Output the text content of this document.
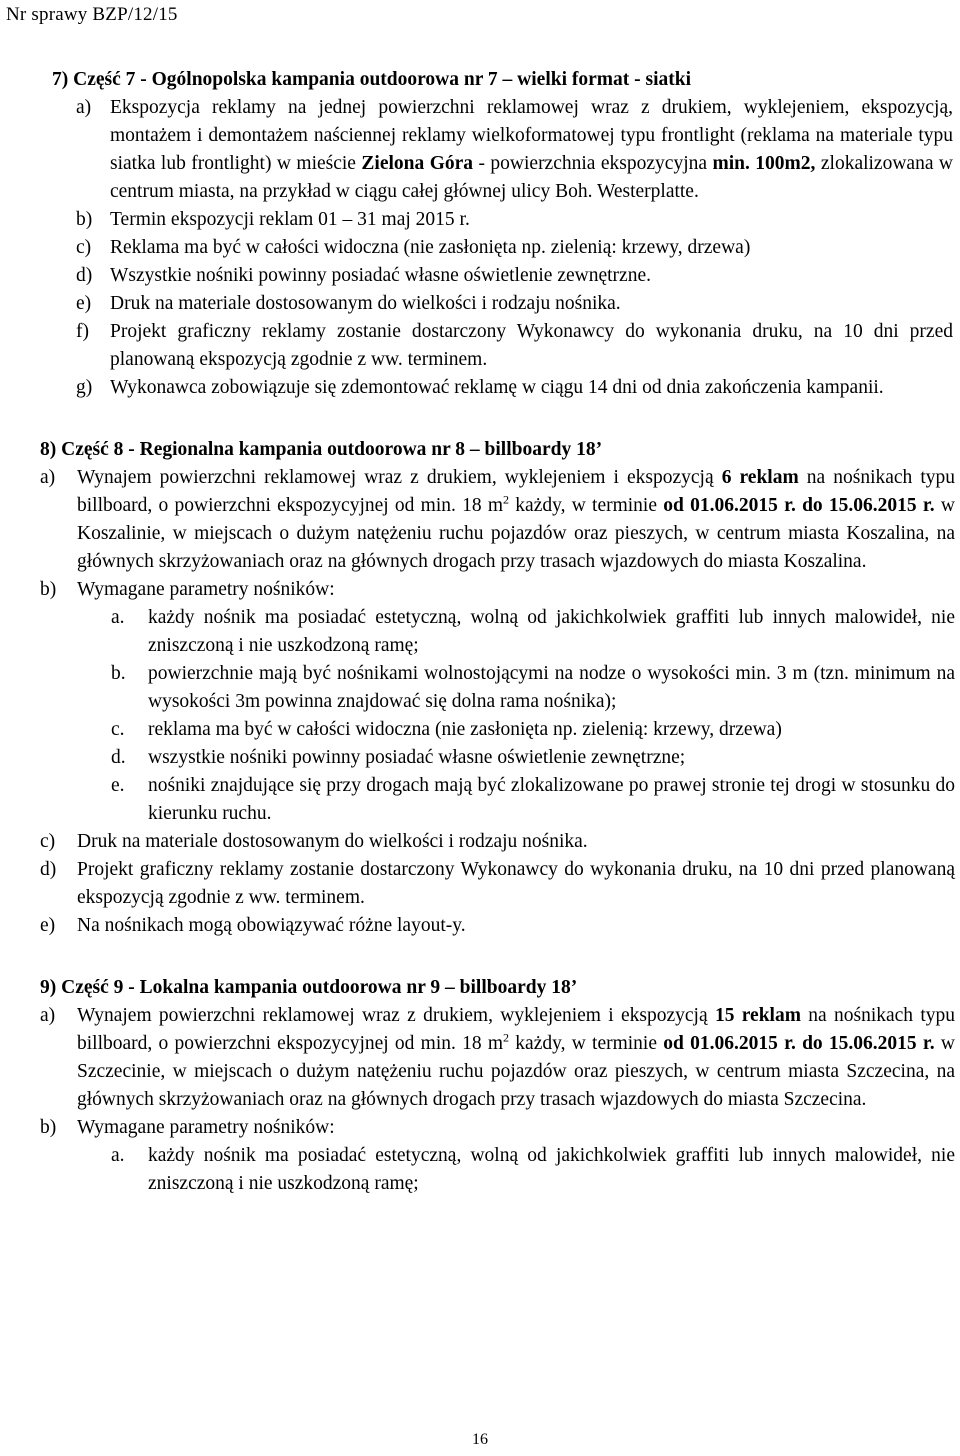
Nr sprawy BZP/12/15

7) Część 7 - Ogólnopolska kampania outdoorowa nr 7 – wielki format - siatki

a) Ekspozycja reklamy na jednej powierzchni reklamowej wraz z drukiem, wyklejeniem, ekspozycją, montażem i demontażem naściennej reklamy wielkoformatowej typu frontlight (reklama na materiale typu siatka lub frontlight) w mieście Zielona Góra - powierzchnia ekspozycyjna min. 100m2, zlokalizowana w centrum miasta, na przykład w ciągu całej głównej ulicy Boh. Westerplatte.
b) Termin ekspozycji reklam 01 – 31 maj 2015 r.
c) Reklama ma być w całości widoczna (nie zasłonięta np. zielenią: krzewy, drzewa)
d) Wszystkie nośniki powinny posiadać własne oświetlenie zewnętrzne.
e) Druk na materiale dostosowanym do wielkości i rodzaju nośnika.
f) Projekt graficzny reklamy zostanie dostarczony Wykonawcy do wykonania druku, na 10 dni przed planowaną ekspozycją zgodnie z ww. terminem.
g) Wykonawca zobowiązuje się zdemontować reklamę w ciągu 14 dni od dnia zakończenia kampanii.

8) Część 8 - Regionalna kampania outdoorowa nr 8 – billboardy 18’

a) Wynajem powierzchni reklamowej wraz z drukiem, wyklejeniem i ekspozycją 6 reklam na nośnikach typu billboard, o powierzchni ekspozycyjnej od min. 18 $m^2$ każdy, w terminie od 01.06.2015 r. do 15.06.2015 r. w Koszalinie, w miejscach o dużym natężeniu ruchu pojazdów oraz pieszych, w centrum miasta Koszalina, na głównych skrzyżowaniach oraz na głównych drogach przy trasach wjazdowych do miasta Koszalina.
b) Wymagane parametry nośników:
a. każdy nośnik ma posiadać estetyczną, wolną od jakichkolwiek graffiti lub innych malowideł, nie zniszczoną i nie uszkodzoną ramę;
b. powierzchnie mają być nośnikami wolnostojącymi na nodze o wysokości min. 3 m (tzn. minimum na wysokości 3m powinna znajdować się dolna rama nośnika);
c. reklama ma być w całości widoczna (nie zasłonięta np. zielenią: krzewy, drzewa)
d. wszystkie nośniki powinny posiadać własne oświetlenie zewnętrzne;
e. nośniki znajdujące się przy drogach mają być zlokalizowane po prawej stronie tej drogi w stosunku do kierunku ruchu.
c) Druk na materiale dostosowanym do wielkości i rodzaju nośnika.
d) Projekt graficzny reklamy zostanie dostarczony Wykonawcy do wykonania druku, na 10 dni przed planowaną ekspozycją zgodnie z ww. terminem.
e) Na nośnikach mogą obowiązywać różne layout-y.

9) Część 9 - Lokalna kampania outdoorowa nr 9 – billboardy 18’

a) Wynajem powierzchni reklamowej wraz z drukiem, wyklejeniem i ekspozycją 15 reklam na nośnikach typu billboard, o powierzchni ekspozycyjnej od min. 18 $m^2$ każdy, w terminie od 01.06.2015 r. do 15.06.2015 r. w Szczecinie, w miejscach o dużym natężeniu ruchu pojazdów oraz pieszych, w centrum miasta Szczecina, na głównych skrzyżowaniach oraz na głównych drogach przy trasach wjazdowych do miasta Szczecina.
b) Wymagane parametry nośników:
a. każdy nośnik ma posiadać estetyczną, wolną od jakichkolwiek graffiti lub innych malowideł, nie zniszczoną i nie uszkodzoną ramę;
16
